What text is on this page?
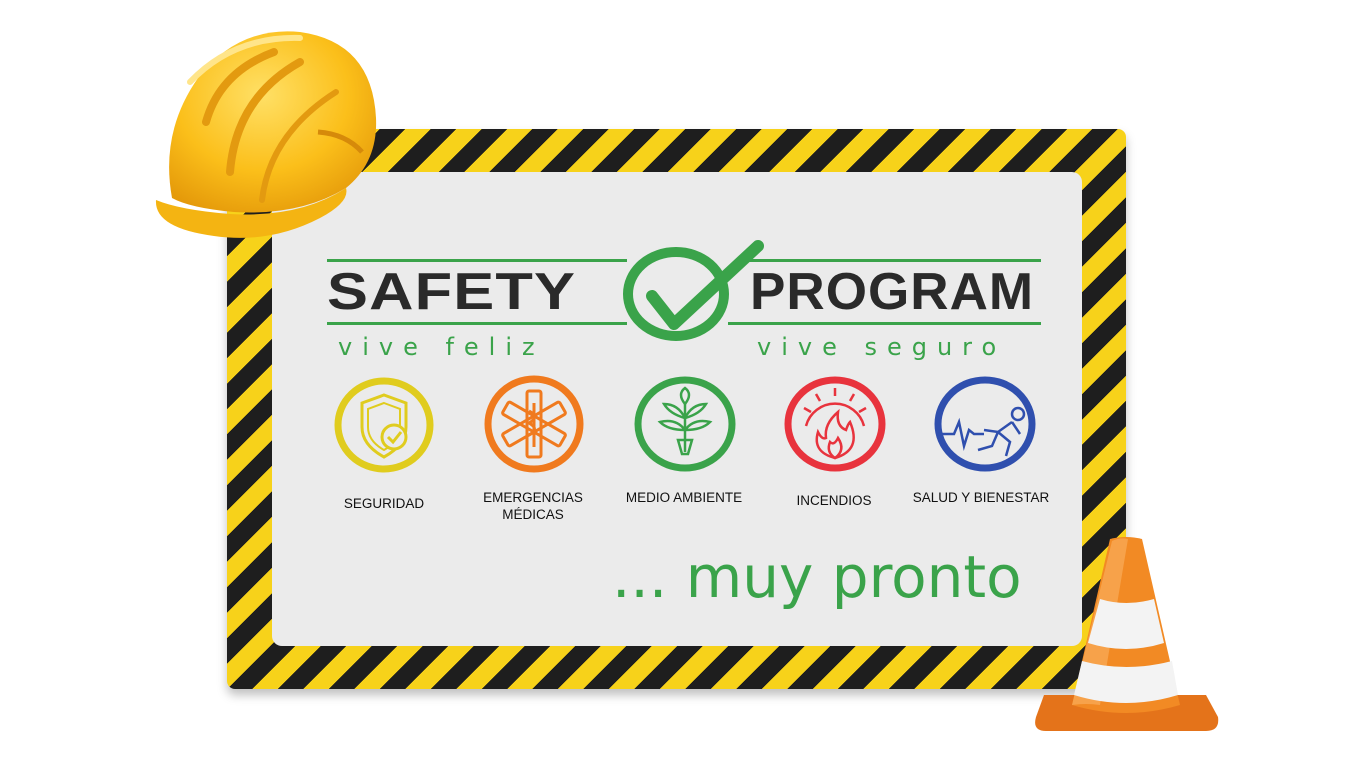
SAFETY	PROGRAM
vive feliz	vive seguro
SEGURIDAD	EMERGENCIAS
MÉDICAS
MEDIO AMBIENTE	INCENDIOS	SALUD Y BIENESTAR
... muy pronto
